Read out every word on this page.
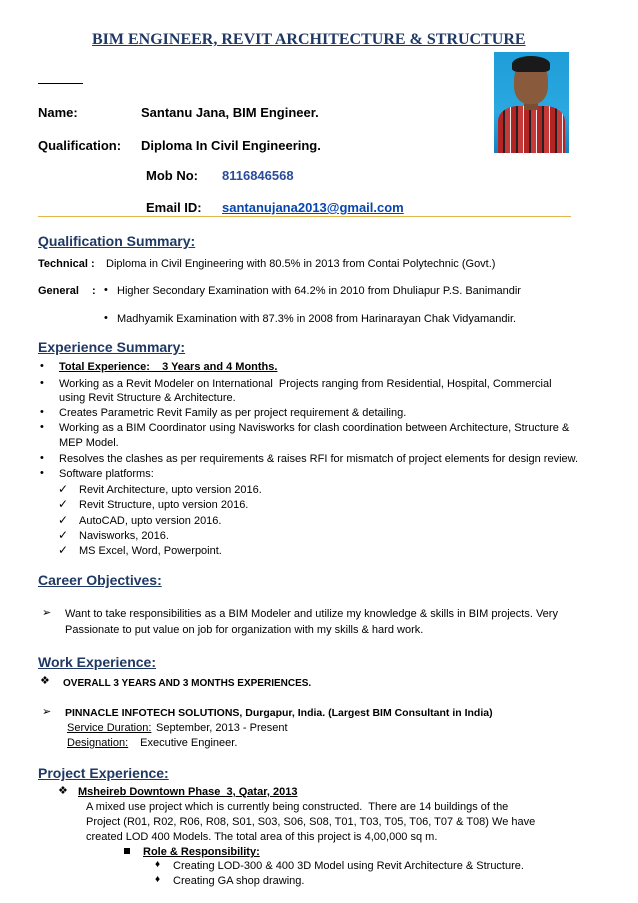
BIM ENGINEER, REVIT ARCHITECTURE & STRUCTURE
Name:	Santanu Jana, BIM Engineer.
Qualification: Diploma In Civil Engineering.
Mob No: 8116846568
Email ID: santanujana2013@gmail.com
Qualification Summary:
Technical : Diploma in Civil Engineering with 80.5% in 2013 from Contai Polytechnic (Govt.)
General : • Higher Secondary Examination with 64.2% in 2010 from Dhuliapur P.S. Banimandir
• Madhyamik Examination with 87.3% in 2008 from Harinarayan Chak Vidyamandir.
Experience Summary:
• Total Experience:    3 Years and 4 Months.
• Working as a Revit Modeler on International  Projects ranging from Residential, Hospital, Commercial
using Revit Structure & Architecture.
• Creates Parametric Revit Family as per project requirement & detailing.
• Working as a BIM Coordinator using Navisworks for clash coordination between Architecture, Structure &
MEP Model.
• Resolves the clashes as per requirements & raises RFI for mismatch of project elements for design review.
• Software platforms:
✓ Revit Architecture, upto version 2016.
✓ Revit Structure, upto version 2016.
✓ AutoCAD, upto version 2016.
✓ Navisworks, 2016.
✓ MS Excel, Word, Powerpoint.
Career Objectives:
➢ Want to take responsibilities as a BIM Modeler and utilize my knowledge & skills in BIM projects. Very
Passionate to put value on job for organization with my skills & hard work.
Work Experience:
❖ OVERALL 3 YEARS AND 3 MONTHS EXPERIENCES.
➢ PINNACLE INFOTECH SOLUTIONS, Durgapur, India. (Largest BIM Consultant in India)
Service Duration: September, 2013 - Present
Designation: Executive Engineer.
Project Experience:
❖ Msheireb Downtown Phase  3, Qatar, 2013
A mixed use project which is currently being constructed.  There are 14 buildings of the
Project (R01, R02, R06, R08, S01, S03, S06, S08, T01, T03, T05, T06, T07 & T08) We have
created LOD 400 Models. The total area of this project is 4,00,000 sq m.
Role & Responsibility:
♦ Creating LOD-300 & 400 3D Model using Revit Architecture & Structure.
♦ Creating GA shop drawing.
